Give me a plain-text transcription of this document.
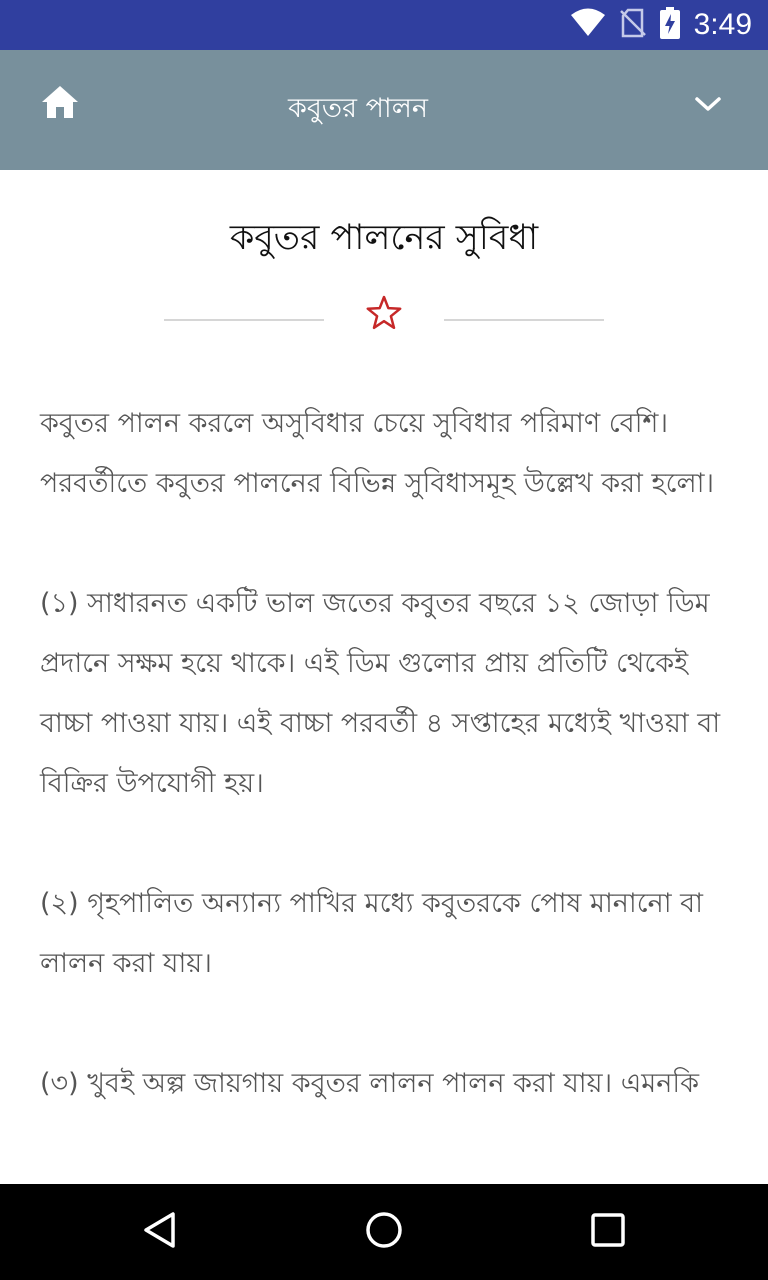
3:49
কবুতর পালন
কবুতর পালনের সুবিধা

কবুতর পালন করলে অসুবিধার চেয়ে সুবিধার পরিমাণ বেশি। পরবর্তীতে কবুতর পালনের বিভিন্ন সুবিধাসমূহ উল্লেখ করা হলো।

(১) সাধারনত একটি ভাল জতের কবুতর বছরে ১২ জোড়া ডিম প্রদানে সক্ষম হয়ে থাকে। এই ডিম গুলোর প্রায় প্রতিটি থেকেই বাচ্চা পাওয়া যায়। এই বাচ্চা পরবর্তী ৪ সপ্তাহের মধ্যেই খাওয়া বা বিক্রির উপযোগী হয়।

(২) গৃহপালিত অন্যান্য পাখির মধ্যে কবুতরকে পোষ মানানো বা লালন করা যায়।

(৩) খুবই অল্প জায়গায় কবুতর লালন পালন করা যায়। এমনকি
